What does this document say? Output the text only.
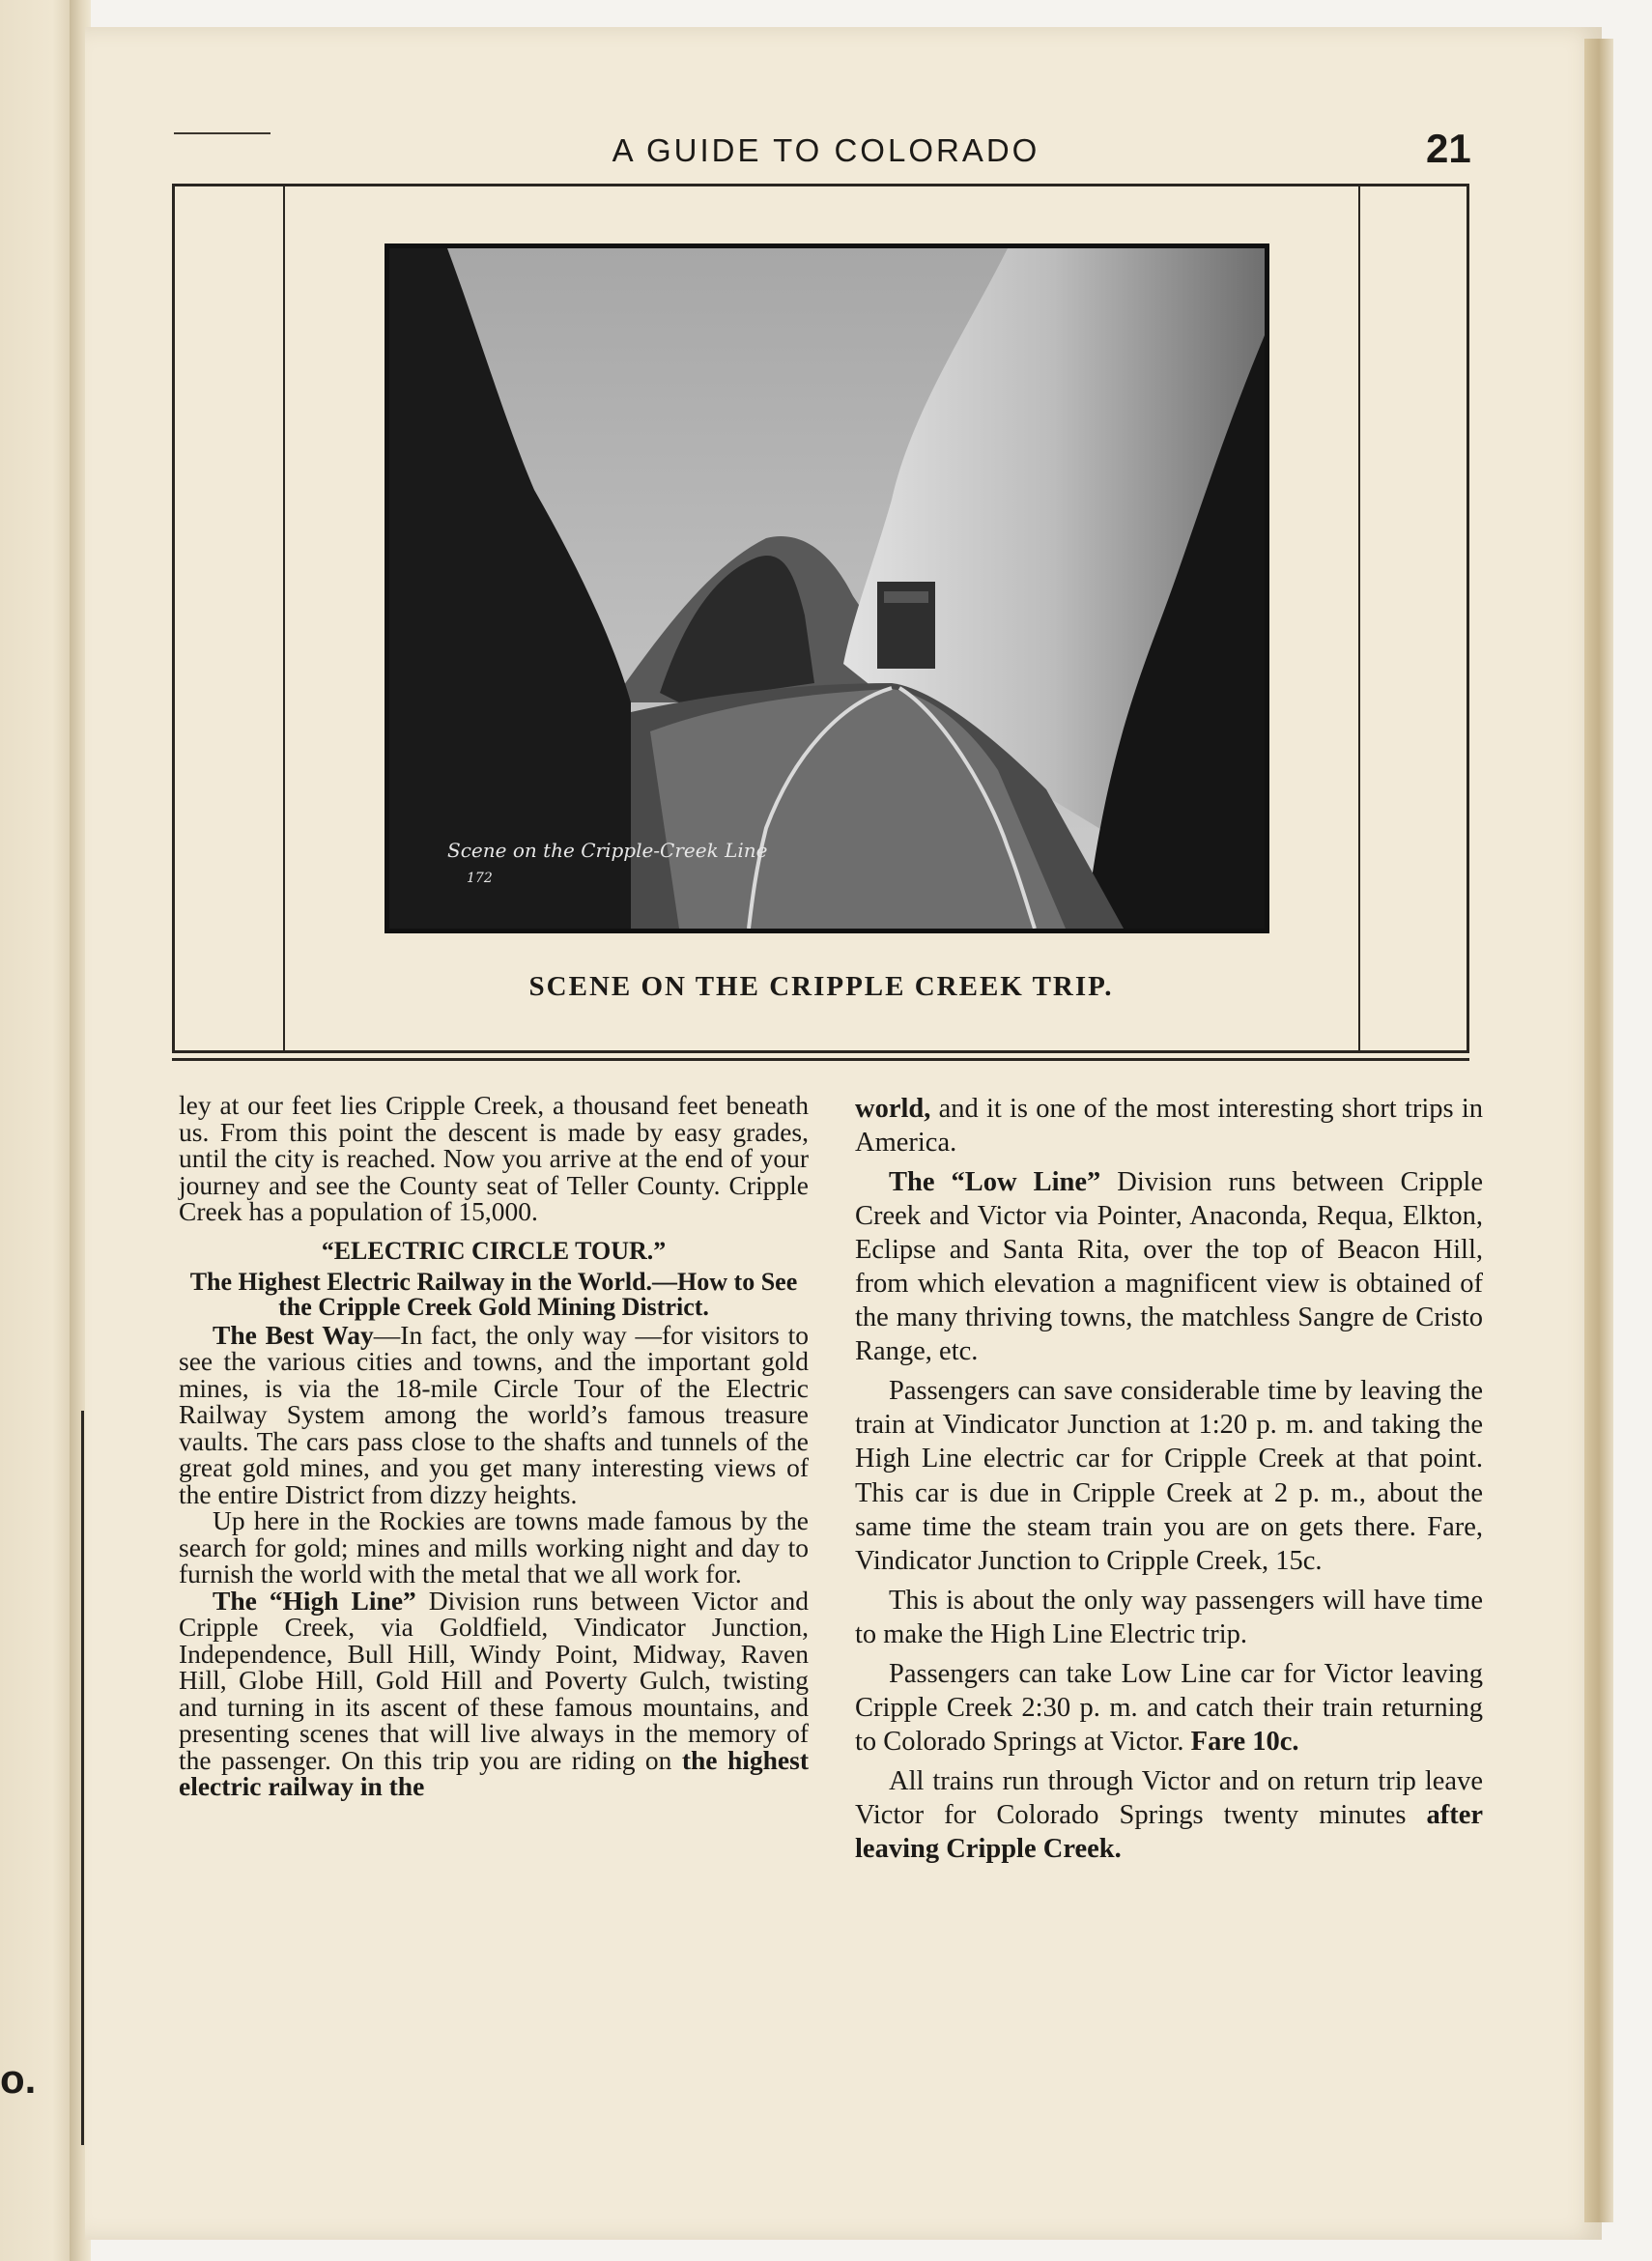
o.
A GUIDE TO COLORADO	21
Scene on the Cripple-Creek Line
172
SCENE ON THE CRIPPLE CREEK TRIP.

ley at our feet lies Cripple Creek, a thousand feet beneath us. From this point the descent is made by easy grades, until the city is reached. Now you arrive at the end of your journey and see the County seat of Teller County. Cripple Creek has a population of 15,000.

“ELECTRIC CIRCLE TOUR.”

The Highest Electric Railway in the World.—How to See the Cripple Creek Gold Mining District.

The Best Way—In fact, the only way —for visitors to see the various cities and towns, and the important gold mines, is via the 18-mile Circle Tour of the Electric Railway System among the world’s famous treasure vaults. The cars pass close to the shafts and tunnels of the great gold mines, and you get many interesting views of the entire District from dizzy heights.

Up here in the Rockies are towns made famous by the search for gold; mines and mills working night and day to furnish the world with the metal that we all work for.

The “High Line” Division runs between Victor and Cripple Creek, via Goldfield, Vindicator Junction, Independence, Bull Hill, Windy Point, Midway, Raven Hill, Globe Hill, Gold Hill and Poverty Gulch, twisting and turning in its ascent of these famous mountains, and presenting scenes that will live always in the memory of the passenger. On this trip you are riding on the highest electric railway in the

world, and it is one of the most interesting short trips in America.

The “Low Line” Division runs between Cripple Creek and Victor via Pointer, Anaconda, Requa, Elkton, Eclipse and Santa Rita, over the top of Beacon Hill, from which elevation a magnificent view is obtained of the many thriving towns, the matchless Sangre de Cristo Range, etc.

Passengers can save considerable time by leaving the train at Vindicator Junction at 1:20 p. m. and taking the High Line electric car for Cripple Creek at that point. This car is due in Cripple Creek at 2 p. m., about the same time the steam train you are on gets there. Fare, Vindicator Junction to Cripple Creek, 15c.

This is about the only way passengers will have time to make the High Line Electric trip.

Passengers can take Low Line car for Victor leaving Cripple Creek 2:30 p. m. and catch their train returning to Colorado Springs at Victor. Fare 10c.

All trains run through Victor and on return trip leave Victor for Colorado Springs twenty minutes after leaving Cripple Creek.
